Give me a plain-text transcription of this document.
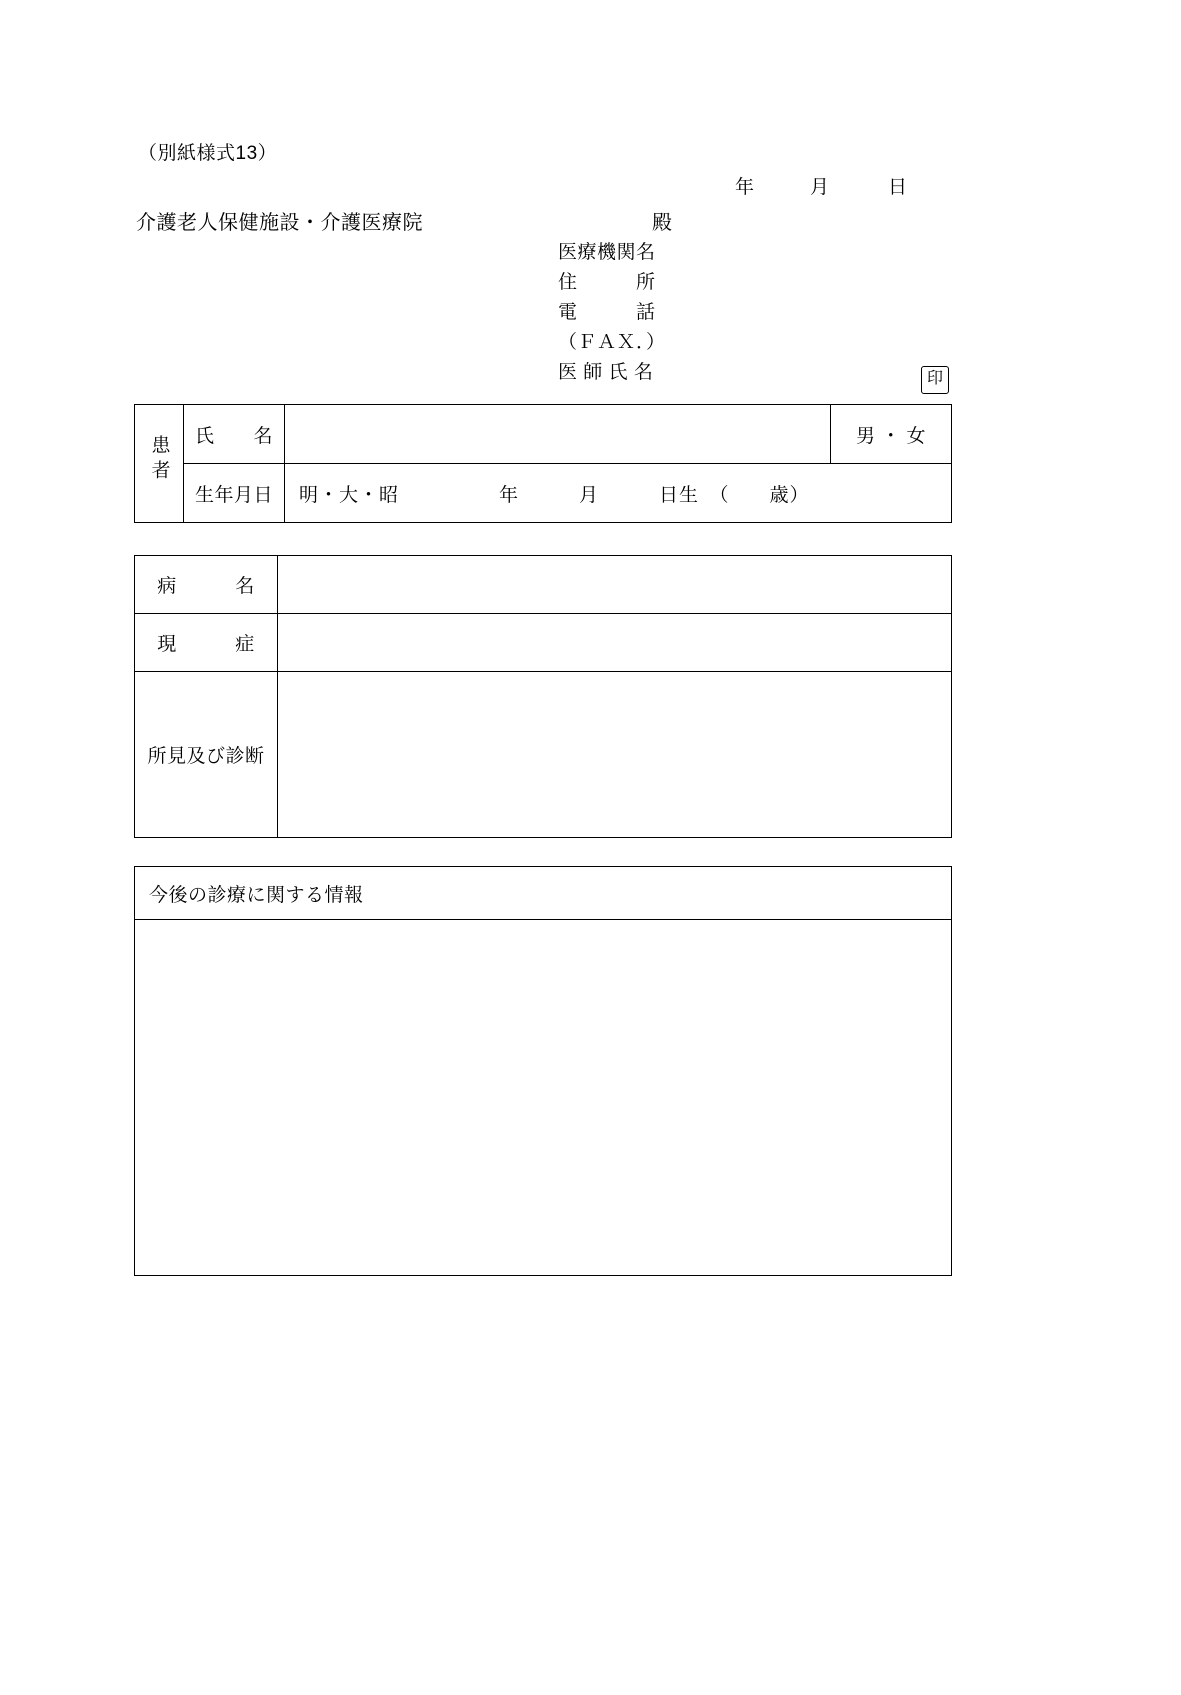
（別紙様式13）
年	月	日
介護老人保健施設・介護医療院	殿
医療機関名
住　　　所
電　　　話
（ＦＡＸ．）
医 師 氏 名	印
患者	氏　　名		男 ・ 女
	生年月日	明・大・昭　　　　　年　　　月　　　日生　（　　歳）	
病　　　名	
現　　　症	
所見及び診断	
今後の診療に関する情報
